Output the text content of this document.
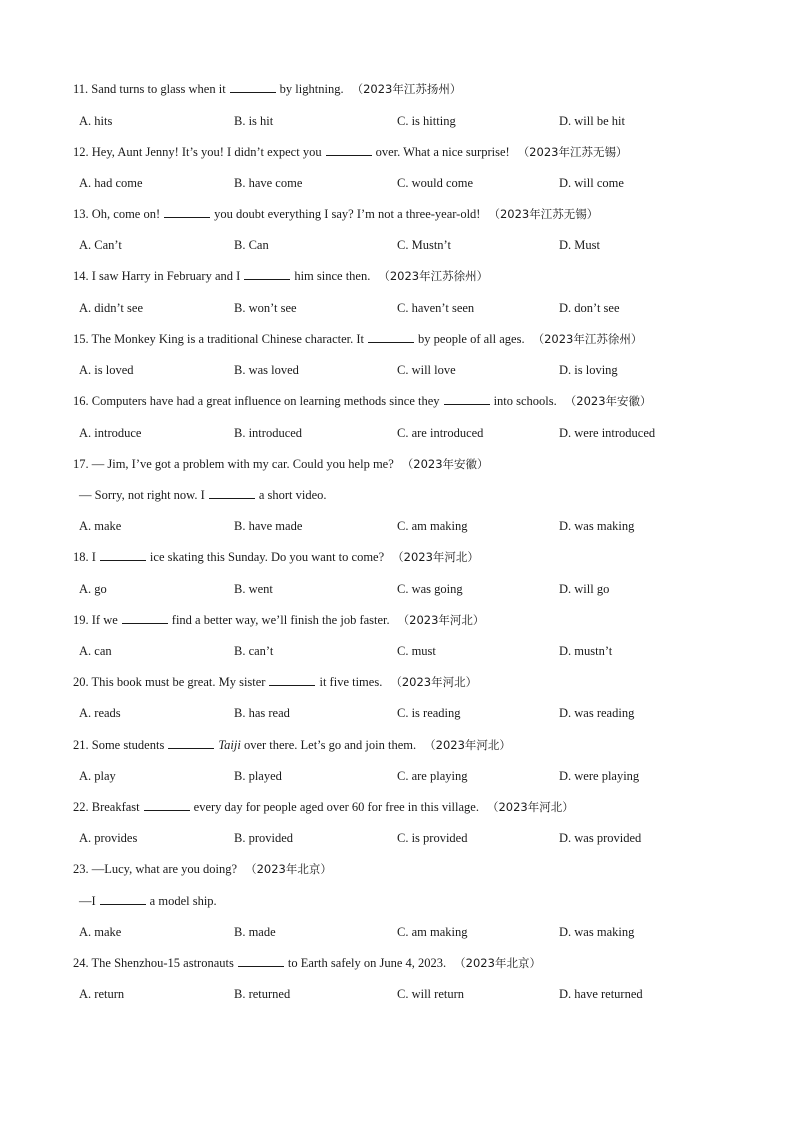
11. Sand turns to glass when it	by lightning. （2023年江苏扬州）
A. hits	B. is hit	C. is hitting	D. will be hit
12. Hey, Aunt Jenny! It’s you! I didn’t expect you	over. What a nice surprise! （2023年江苏无锡）
A. had come	B. have come	C. would come	D. will come
13. Oh, come on!	you doubt everything I say? I’m not a three-year-old! （2023年江苏无锡）
A. Can’t	B. Can	C. Mustn’t	D. Must
14. I saw Harry in February and I	him since then. （2023年江苏徐州）
A. didn’t see	B. won’t see	C. haven’t seen	D. don’t see
15. The Monkey King is a traditional Chinese character. It	by people of all ages. （2023年江苏徐州）
A. is loved	B. was loved	C. will love	D. is loving
16. Computers have had a great influence on learning methods since they	into schools. （2023年安徽）
A. introduce	B. introduced	C. are introduced	D. were introduced
17. — Jim, I’ve got a problem with my car. Could you help me? （2023年安徽）
— Sorry, not right now. I	a short video.
A. make	B. have made	C. am making	D. was making
18. I	ice skating this Sunday. Do you want to come? （2023年河北）
A. go	B. went	C. was going	D. will go
19. If we	find a better way, we’ll finish the job faster. （2023年河北）
A. can	B. can’t	C. must	D. mustn’t
20. This book must be great. My sister	it five times. （2023年河北）
A. reads	B. has read	C. is reading	D. was reading
21. Some students	Taiji over there. Let’s go and join them. （2023年河北）
A. play	B. played	C. are playing	D. were playing
22. Breakfast	every day for people aged over 60 for free in this village. （2023年河北）
A. provides	B. provided	C. is provided	D. was provided
23. —Lucy, what are you doing? （2023年北京）
—I	a model ship.
A. make	B. made	C. am making	D. was making
24. The Shenzhou-15 astronauts	to Earth safely on June 4, 2023. （2023年北京）
A. return	B. returned	C. will return	D. have returned
